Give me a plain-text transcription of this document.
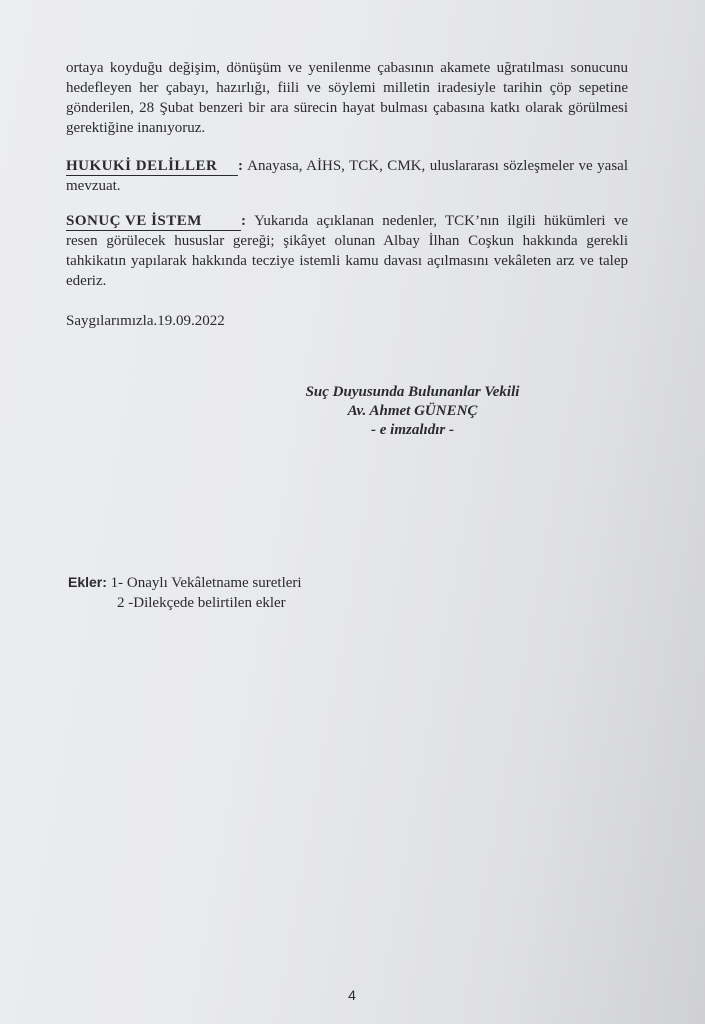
ortaya koyduğu değişim, dönüşüm ve yenilenme çabasının akamete uğratılması sonucunu hedefleyen her çabayı, hazırlığı, fiili ve söylemi milletin iradesiyle tarihin çöp sepetine gönderilen, 28 Şubat benzeri bir ara sürecin hayat bulması çabasına katkı olarak görülmesi gerektiğine inanıyoruz.

HUKUKİ DELİLLER : Anayasa, AİHS, TCK, CMK, uluslararası sözleşmeler ve yasal mevzuat.

SONUÇ VE İSTEM	: Yukarıda açıklanan nedenler, TCK’nın ilgili hükümleri ve resen görülecek hususlar gereği; şikâyet olunan Albay İlhan Coşkun hakkında gerekli tahkikatın yapılarak hakkında tecziye istemli kamu davası açılmasını vekâleten arz ve talep ederiz.

Saygılarımızla.19.09.2022

Suç Duyusunda Bulunanlar Vekili
Av. Ahmet GÜNENÇ
- e imzalıdır -
Ekler: 1- Onaylı Vekâletname suretleri
2 -Dilekçede belirtilen ekler
4
